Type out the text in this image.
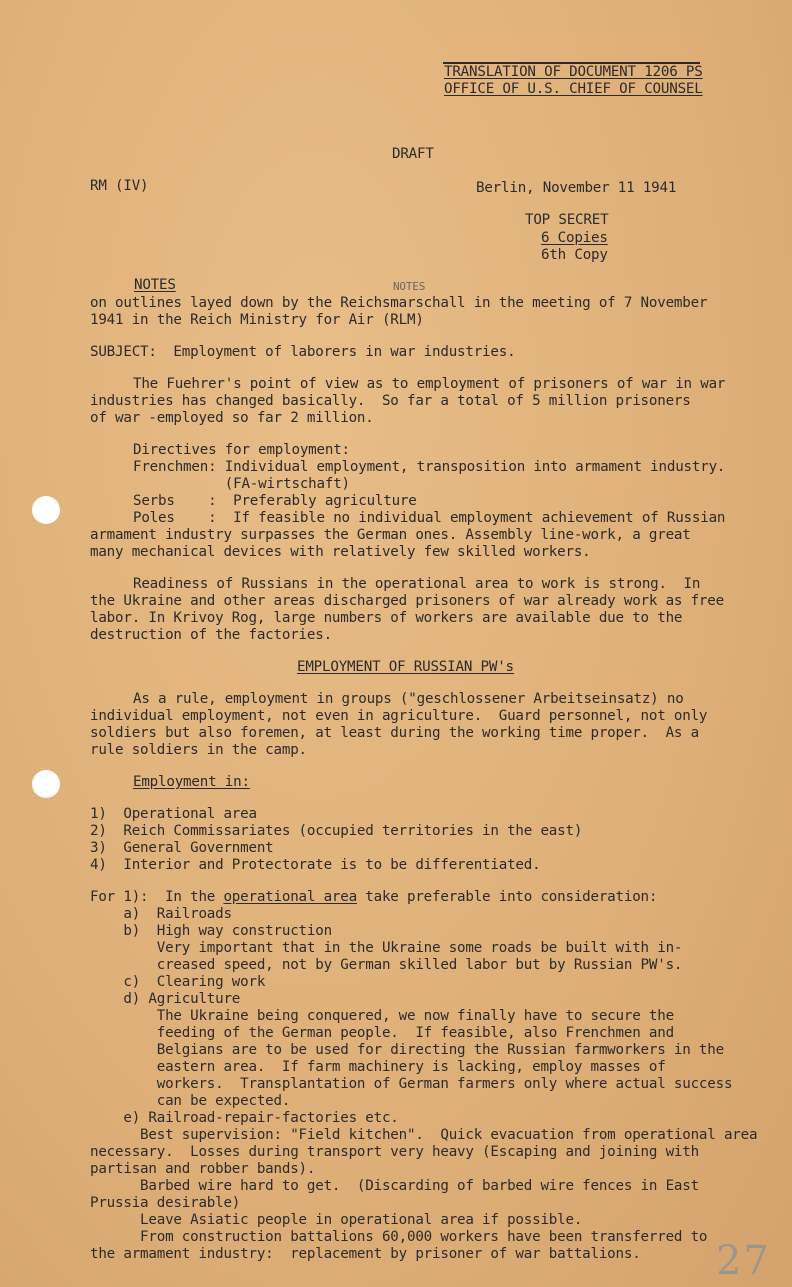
TRANSLATION OF DOCUMENT 1206 PS
OFFICE OF U.S. CHIEF OF COUNSEL
DRAFT
RM (IV)	Berlin, November 11 1941
TOP SECRET
6 Copies
6th Copy
NOTES	NOTES
on outlines layed down by the Reichsmarschall in the meeting of 7 November
1941 in the Reich Ministry for Air (RLM)
SUBJECT:  Employment of laborers in war industries.
The Fuehrer's point of view as to employment of prisoners of war in war
industries has changed basically.  So far a total of 5 million prisoners
of war -employed so far 2 million.
Directives for employment:
Frenchmen: Individual employment, transposition into armament industry.
(FA-wirtschaft)
Serbs    :  Preferably agriculture
Poles    :  If feasible no individual employment achievement of Russian
armament industry surpasses the German ones. Assembly line-work, a great
many mechanical devices with relatively few skilled workers.
Readiness of Russians in the operational area to work is strong.  In
the Ukraine and other areas discharged prisoners of war already work as free
labor. In Krivoy Rog, large numbers of workers are available due to the
destruction of the factories.
EMPLOYMENT OF RUSSIAN PW's
As a rule, employment in groups ("geschlossener Arbeitseinsatz) no
individual employment, not even in agriculture.  Guard personnel, not only
soldiers but also foremen, at least during the working time proper.  As a
rule soldiers in the camp.
Employment in:
1)  Operational area
2)  Reich Commissariates (occupied territories in the east)
3)  General Government
4)  Interior and Protectorate is to be differentiated.
For 1):  In the operational area take preferable into consideration:
a)  Railroads
b)  High way construction
Very important that in the Ukraine some roads be built with in-
creased speed, not by German skilled labor but by Russian PW's.
c)  Clearing work
d) Agriculture
The Ukraine being conquered, we now finally have to secure the
feeding of the German people.  If feasible, also Frenchmen and
Belgians are to be used for directing the Russian farmworkers in the
eastern area.  If farm machinery is lacking, employ masses of
workers.  Transplantation of German farmers only where actual success
can be expected.
e) Railroad-repair-factories etc.
Best supervision: "Field kitchen".  Quick evacuation from operational area
necessary.  Losses during transport very heavy (Escaping and joining with
partisan and robber bands).
Barbed wire hard to get.  (Discarding of barbed wire fences in East
Prussia desirable)
Leave Asiatic people in operational area if possible.
From construction battalions 60,000 workers have been transferred to
the armament industry:  replacement by prisoner of war battalions. 27
